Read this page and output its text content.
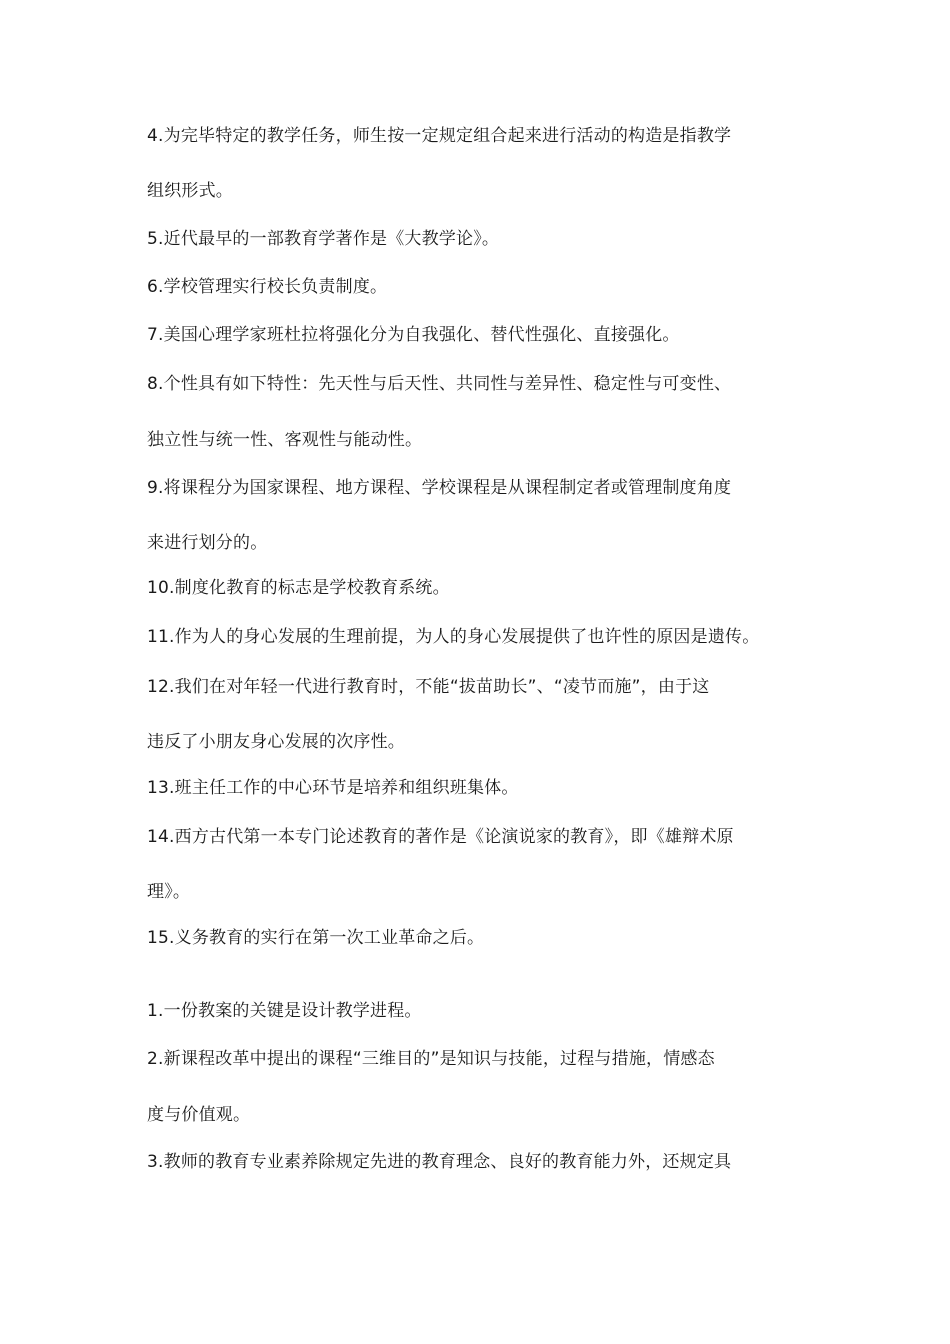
4.为完毕特定的教学任务，师生按一定规定组合起来进行活动的构造是指教学
组织形式。
5.近代最早的一部教育学著作是《大教学论》。
6.学校管理实行校长负责制度。
7.美国心理学家班杜拉将强化分为自我强化、替代性强化、直接强化。
8.个性具有如下特性：先天性与后天性、共同性与差异性、稳定性与可变性、
独立性与统一性、客观性与能动性。
9.将课程分为国家课程、地方课程、学校课程是从课程制定者或管理制度角度
来进行划分的。
10.制度化教育的标志是学校教育系统。
11.作为人的身心发展的生理前提，为人的身心发展提供了也许性的原因是遗传。
12.我们在对年轻一代进行教育时，不能“拔苗助长”、“凌节而施”，由于这
违反了小朋友身心发展的次序性。
13.班主任工作的中心环节是培养和组织班集体。
14.西方古代第一本专门论述教育的著作是《论演说家的教育》，即《雄辩术原
理》。
15.义务教育的实行在第一次工业革命之后。
1.一份教案的关键是设计教学进程。
2.新课程改革中提出的课程“三维目的”是知识与技能，过程与措施，情感态
度与价值观。
3.教师的教育专业素养除规定先进的教育理念、良好的教育能力外，还规定具
